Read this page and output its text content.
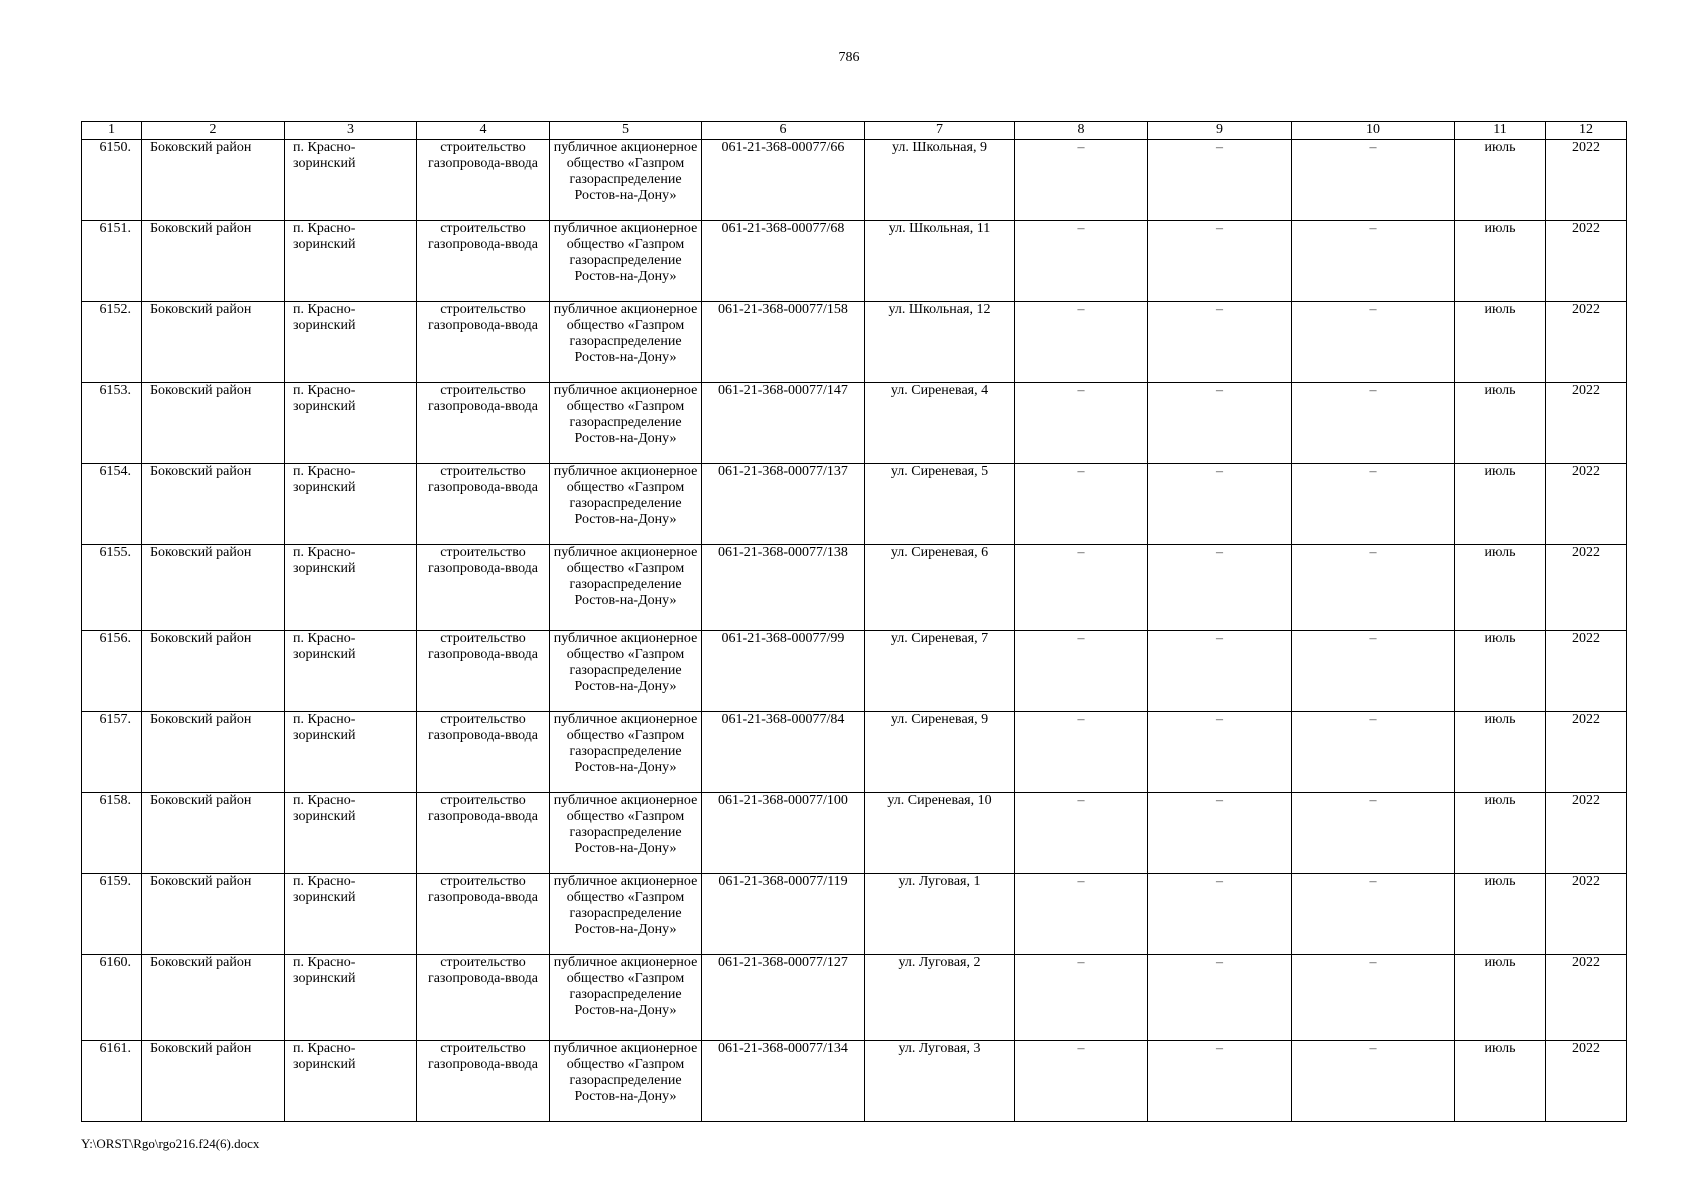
786
1	2	3	4	5	6	7	8	9	10	11	12
6150.	Боковский район	п. Красно-зоринский	строительство газопровода-ввода	публичное акционерное общество «Газпром газораспределение Ростов-на-Дону»	061-21-368-00077/66	ул. Школьная, 9	–	–	–	июль	2022
6151.	Боковский район	п. Красно-зоринский	строительство газопровода-ввода	публичное акционерное общество «Газпром газораспределение Ростов-на-Дону»	061-21-368-00077/68	ул. Школьная, 11	–	–	–	июль	2022
6152.	Боковский район	п. Красно-зоринский	строительство газопровода-ввода	публичное акционерное общество «Газпром газораспределение Ростов-на-Дону»	061-21-368-00077/158	ул. Школьная, 12	–	–	–	июль	2022
6153.	Боковский район	п. Красно-зоринский	строительство газопровода-ввода	публичное акционерное общество «Газпром газораспределение Ростов-на-Дону»	061-21-368-00077/147	ул. Сиреневая, 4	–	–	–	июль	2022
6154.	Боковский район	п. Красно-зоринский	строительство газопровода-ввода	публичное акционерное общество «Газпром газораспределение Ростов-на-Дону»	061-21-368-00077/137	ул. Сиреневая, 5	–	–	–	июль	2022
6155.	Боковский район	п. Красно-зоринский	строительство газопровода-ввода	публичное акционерное общество «Газпром газораспределение Ростов-на-Дону»	061-21-368-00077/138	ул. Сиреневая, 6	–	–	–	июль	2022
6156.	Боковский район	п. Красно-зоринский	строительство газопровода-ввода	публичное акционерное общество «Газпром газораспределение Ростов-на-Дону»	061-21-368-00077/99	ул. Сиреневая, 7	–	–	–	июль	2022
6157.	Боковский район	п. Красно-зоринский	строительство газопровода-ввода	публичное акционерное общество «Газпром газораспределение Ростов-на-Дону»	061-21-368-00077/84	ул. Сиреневая, 9	–	–	–	июль	2022
6158.	Боковский район	п. Красно-зоринский	строительство газопровода-ввода	публичное акционерное общество «Газпром газораспределение Ростов-на-Дону»	061-21-368-00077/100	ул. Сиреневая, 10	–	–	–	июль	2022
6159.	Боковский район	п. Красно-зоринский	строительство газопровода-ввода	публичное акционерное общество «Газпром газораспределение Ростов-на-Дону»	061-21-368-00077/119	ул. Луговая, 1	–	–	–	июль	2022
6160.	Боковский район	п. Красно-зоринский	строительство газопровода-ввода	публичное акционерное общество «Газпром газораспределение Ростов-на-Дону»	061-21-368-00077/127	ул. Луговая, 2	–	–	–	июль	2022
6161.	Боковский район	п. Красно-зоринский	строительство газопровода-ввода	публичное акционерное общество «Газпром газораспределение Ростов-на-Дону»	061-21-368-00077/134	ул. Луговая, 3	–	–	–	июль	2022
Y:\ORST\Rgo\rgo216.f24(6).docx
